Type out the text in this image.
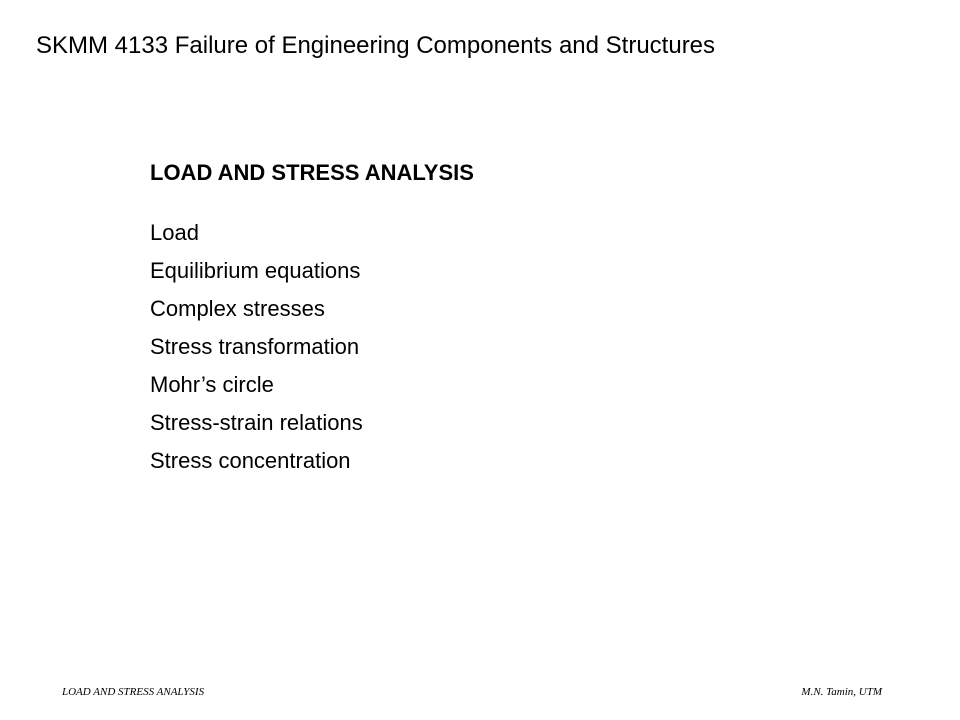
SKMM 4133 Failure of Engineering Components and Structures
LOAD AND STRESS ANALYSIS
Load
Equilibrium equations
Complex stresses
Stress transformation
Mohr’s circle
Stress-strain relations
Stress concentration
LOAD AND STRESS ANALYSIS	M.N. Tamin, UTM
